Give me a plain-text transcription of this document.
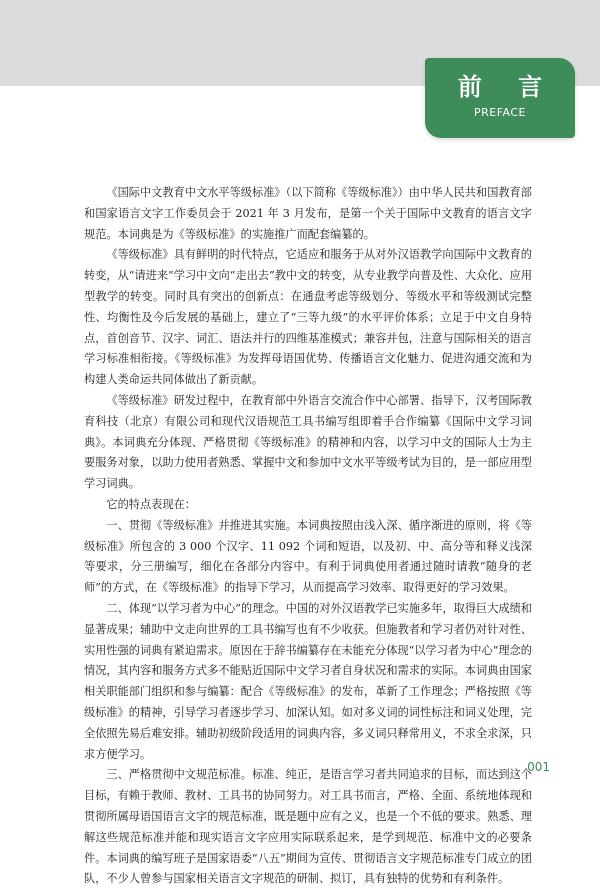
前 言
PREFACE

《国际中文教育中文水平等级标准》（以下简称《等级标准》）由中华人民共和国教育部和国家语言文字工作委员会于 2021 年 3 月发布，是第一个关于国际中文教育的语言文字规范。本词典是为《等级标准》的实施推广而配套编纂的。

《等级标准》具有鲜明的时代特点，它适应和服务于从对外汉语教学向国际中文教育的转变，从“请进来”学习中文向“走出去”教中文的转变，从专业教学向普及性、大众化、应用型教学的转变。同时具有突出的创新点：在通盘考虑等级划分、等级水平和等级测试完整性、均衡性及今后发展的基础上，建立了“三等九级”的水平评价体系；立足于中文自身特点，首创音节、汉字、词汇、语法并行的四维基准模式；兼容并包，注意与国际相关的语言学习标准相衔接。《等级标准》为发挥母语国优势、传播语言文化魅力、促进沟通交流和为构建人类命运共同体做出了新贡献。

《等级标准》研发过程中，在教育部中外语言交流合作中心部署、指导下，汉考国际教育科技（北京）有限公司和现代汉语规范工具书编写组即着手合作编纂《国际中文学习词典》。本词典充分体现、严格贯彻《等级标准》的精神和内容，以学习中文的国际人士为主要服务对象，以助力使用者熟悉、掌握中文和参加中文水平等级考试为目的，是一部应用型学习词典。

它的特点表现在：

一、贯彻《等级标准》并推进其实施。本词典按照由浅入深、循序渐进的原则，将《等级标准》所包含的 3 000 个汉字、11 092 个词和短语，以及初、中、高分等和释义浅深等要求，分三册编写，细化在各部分内容中。有利于词典使用者通过随时请教“随身的老师”的方式，在《等级标准》的指导下学习，从而提高学习效率、取得更好的学习效果。

二、体现“以学习者为中心”的理念。中国的对外汉语教学已实施多年，取得巨大成绩和显著成果；辅助中文走向世界的工具书编写也有不少收获。但施教者和学习者仍对针对性、实用性强的词典有紧迫需求。原因在于辞书编纂存在未能充分体现“以学习者为中心”理念的情况，其内容和服务方式多不能贴近国际中文学习者自身状况和需求的实际。本词典由国家相关职能部门组织和参与编纂：配合《等级标准》的发布，革新了工作理念；严格按照《等级标准》的精神，引导学习者逐步学习、加深认知。如对多义词的词性标注和词义处理，完全依照先易后难安排。辅助初级阶段适用的词典内容，多义词只释常用义，不求全求深，只求方便学习。

三、严格贯彻中文规范标准。标准、纯正，是语言学习者共同追求的目标，而达到这个目标，有赖于教师、教材、工具书的协同努力。对工具书而言，严格、全面、系统地体现和贯彻所属母语国语言文字的规范标准，既是题中应有之义，也是一个不低的要求。熟悉、理解这些规范标准并能和现实语言文字应用实际联系起来，是学到规范、标准中文的必要条件。本词典的编写班子是国家语委“八五”期间为宣传、贯彻语言文字规范标准专门成立的团队，不少人曾参与国家相关语言文字规范的研制、拟订，具有独特的优势和有利条件。

001
